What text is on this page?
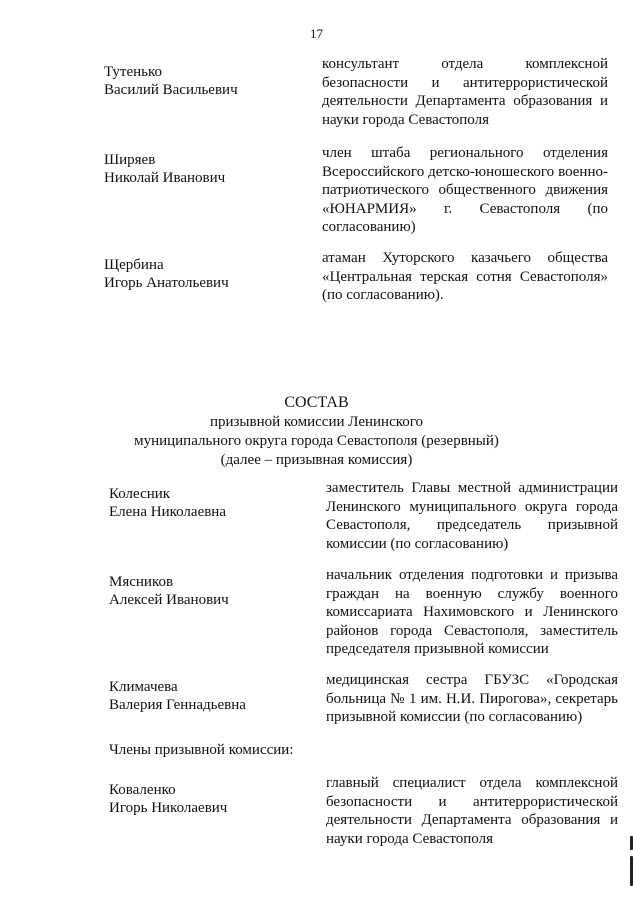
17
Тутенько
Василий Васильевич
консультант отдела комплексной безопасности и антитеррористической деятельности Департамента образования и науки города Севастополя
Ширяев
Николай Иванович
член штаба регионального отделения Всероссийского детско-юношеского военно-патриотического общественного движения «ЮНАРМИЯ» г. Севастополя (по согласованию)
Щербина
Игорь Анатольевич
атаман Хуторского казачьего общества «Центральная терская сотня Севастополя» (по согласованию).
СОСТАВ
призывной комиссии Ленинского
муниципального округа города Севастополя (резервный)
(далее – призывная комиссия)
Колесник
Елена Николаевна
заместитель Главы местной администрации Ленинского муниципального округа города Севастополя, председатель призывной комиссии (по согласованию)
Мясников
Алексей Иванович
начальник отделения подготовки и призыва граждан на военную службу военного комиссариата Нахимовского и Ленинского районов города Севастополя, заместитель председателя призывной комиссии
Климачева
Валерия Геннадьевна
медицинская сестра ГБУЗС «Городская больница № 1 им. Н.И. Пирогова», секретарь призывной комиссии (по согласованию)
Члены призывной комиссии:
Коваленко
Игорь Николаевич
главный специалист отдела комплексной безопасности и антитеррористической деятельности Департамента образования и науки города Севастополя
